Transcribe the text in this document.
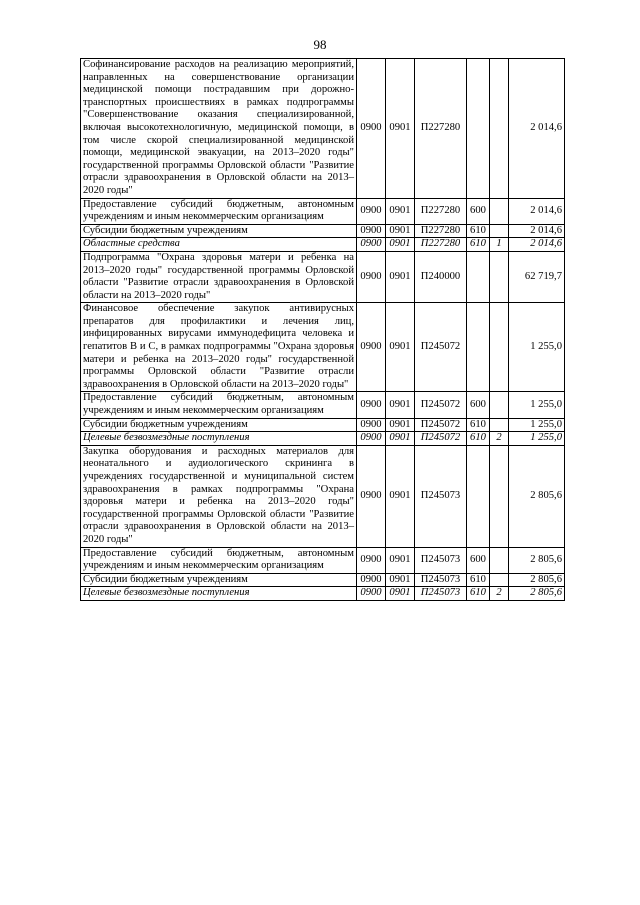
98
Софинансирование расходов на реализацию мероприятий, направленных на совершенствование организации медицинской помощи пострадавшим при дорожно-транспортных происшествиях в рамках подпрограммы "Совершенствование оказания специализированной, включая высокотехнологичную, медицинской помощи, в том числе скорой специализированной медицинской помощи, медицинской эвакуации, на 2013–2020 годы" государственной программы Орловской области "Развитие отрасли здравоохранения в Орловской области на 2013–2020 годы"	0900	0901	П227280			2 014,6
Предоставление субсидий бюджетным, автономным учреждениям и иным некоммерческим организациям	0900	0901	П227280	600		2 014,6
Субсидии бюджетным учреждениям	0900	0901	П227280	610		2 014,6
Областные средства	0900	0901	П227280	610	1	2 014,6
Подпрограмма "Охрана здоровья матери и ребенка на 2013–2020 годы" государственной программы Орловской области "Развитие отрасли здравоохранения в Орловской области на 2013–2020 годы"	0900	0901	П240000			62 719,7
Финансовое обеспечение закупок антивирусных препаратов для профилактики и лечения лиц, инфицированных вирусами иммунодефицита человека и гепатитов В и С, в рамках подпрограммы "Охрана здоровья матери и ребенка на 2013–2020 годы" государственной программы Орловской области "Развитие отрасли здравоохранения в Орловской области на 2013–2020 годы"	0900	0901	П245072			1 255,0
Предоставление субсидий бюджетным, автономным учреждениям и иным некоммерческим организациям	0900	0901	П245072	600		1 255,0
Субсидии бюджетным учреждениям	0900	0901	П245072	610		1 255,0
Целевые безвозмездные поступления	0900	0901	П245072	610	2	1 255,0
Закупка оборудования и расходных материалов для неонатального и аудиологического скрининга в учреждениях государственной и муниципальной систем здравоохранения в рамках подпрограммы "Охрана здоровья матери и ребенка на 2013–2020 годы" государственной программы Орловской области "Развитие отрасли здравоохранения в Орловской области на 2013–2020 годы"	0900	0901	П245073			2 805,6
Предоставление субсидий бюджетным, автономным учреждениям и иным некоммерческим организациям	0900	0901	П245073	600		2 805,6
Субсидии бюджетным учреждениям	0900	0901	П245073	610		2 805,6
Целевые безвозмездные поступления	0900	0901	П245073	610	2	2 805,6
